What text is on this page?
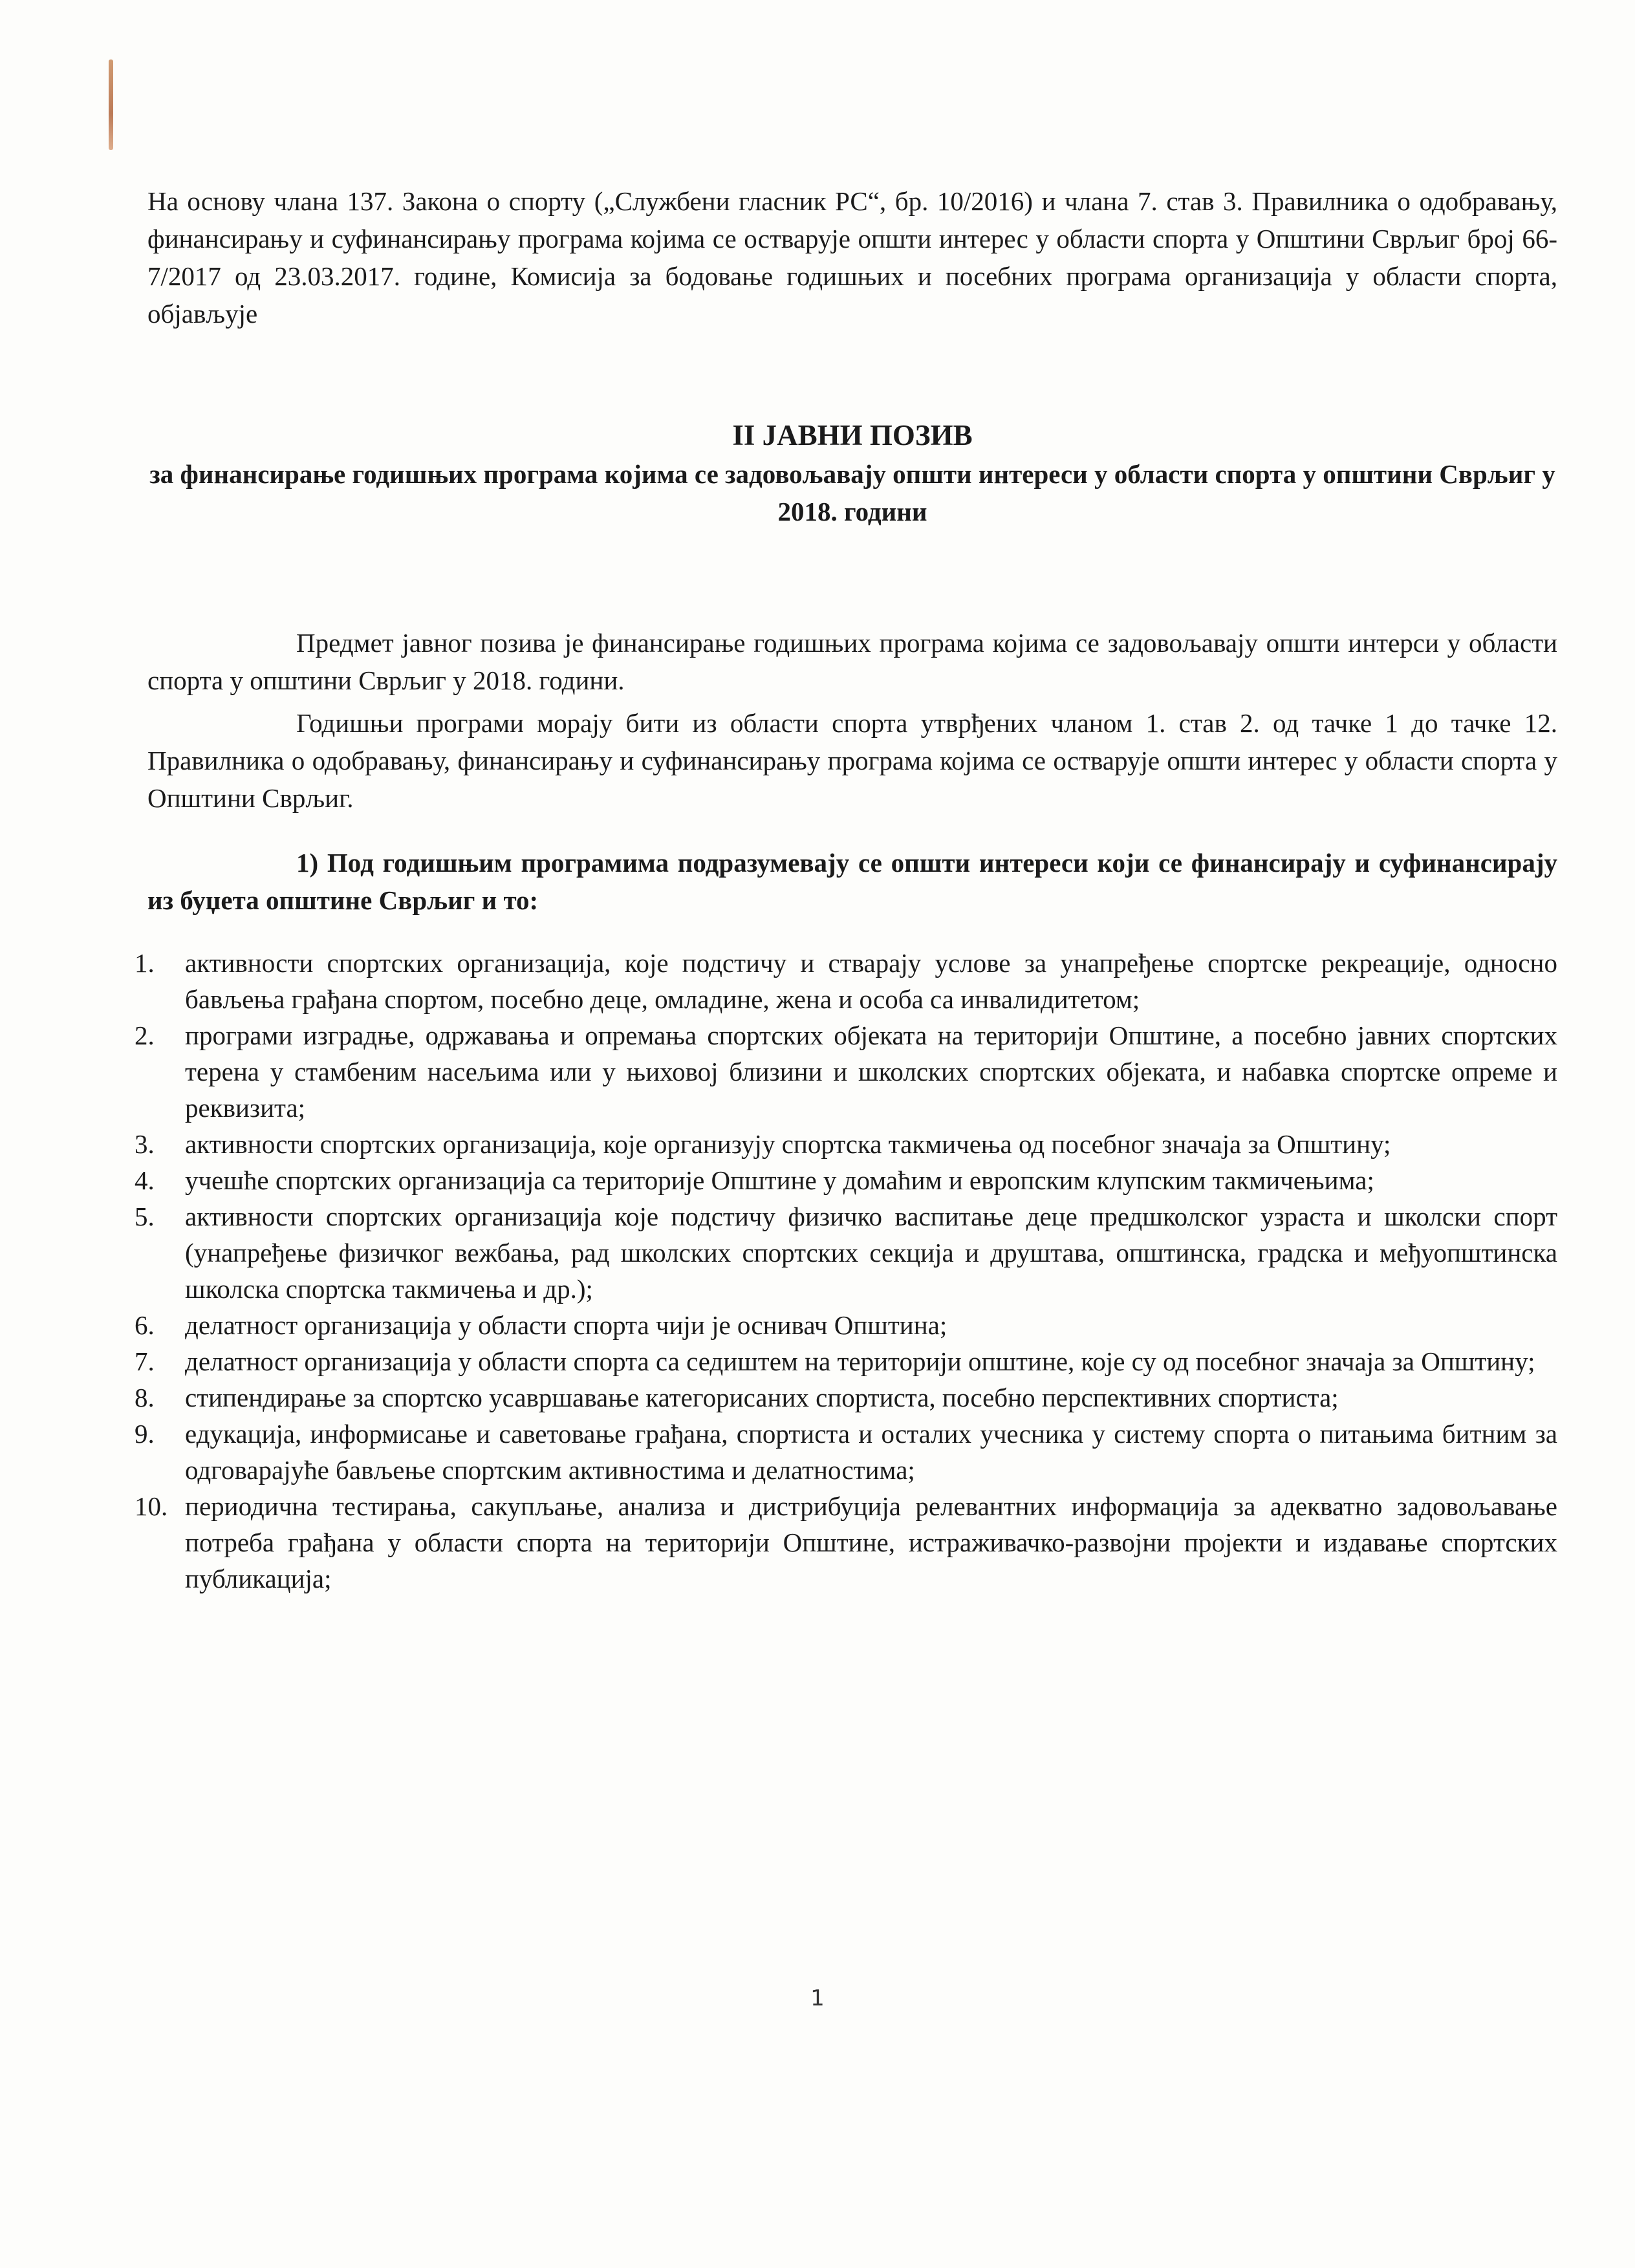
На основу члана 137. Закона о спорту („Службени гласник РС“, бр. 10/2016) и члана 7. став 3. Правилника о одобравању, финансирању и суфинансирању програма којима се остварује општи интерес у области спорта у Општини Сврљиг број 66-7/2017 од 23.03.2017. године, Комисија за бодовање годишњих и посебних програма организација у области спорта, објављује

II ЈАВНИ ПОЗИВ

за финансирање годишњих програма којима се задовољавају општи интереси у области спорта у општини Сврљиг у 2018. години

Предмет јавног позива је финансирање годишњих програма којима се задовољавају општи интерси у области спорта у општини Сврљиг у 2018. години.

Годишњи програми морају бити из области спорта утврђених чланом 1. став 2. од тачке 1 до тачке 12. Правилника о одобравању, финансирању и суфинансирању програма којима се остварује општи интерес у области спорта у Општини Сврљиг.

1) Под годишњим програмима подразумевају се општи интереси који се финансирају и суфинансирају из буџета општине Сврљиг и то:

1.	активности спортских организација, које подстичу и стварају услове за унапређење спортске рекреације, односно бављења грађана спортом, посебно деце, омладине, жена и особа са инвалидитетом;
2.	програми изградње, одржавања и опремања спортских објеката на територији Општине, а посебно јавних спортских терена у стамбеним насељима или у њиховој близини и школских спортских објеката, и набавка спортске опреме и реквизита;
3.	активности спортских организација, које организују спортска такмичења од посебног значаја за Општину;
4.	учешће спортских организација са територије Општине у домаћим и европским клупским такмичењима;
5.	активности спортских организација које подстичу физичко васпитање деце предшколског узраста и школски спорт (унапређење физичког вежбања, рад школских спортских секција и друштава, општинска, градска и међуопштинска школска спортска такмичења и др.);
6.	делатност организација у области спорта чији је оснивач Општина;
7.	делатност организација у области спорта са седиштем на територији општине, које су од посебног значаја за Општину;
8.	стипендирање за спортско усавршавање категорисаних спортиста, посебно перспективних спортиста;
9.	едукација, информисање и саветовање грађана, спортиста и осталих учесника у систему спорта о питањима битним за одговарајуће бављење спортским активностима и делатностима;
10. периодична тестирања, сакупљање, анализа и дистрибуција релевантних информација за адекватно задовољавање потреба грађана у области спорта на територији Општине, истраживачко-развојни пројекти и издавање спортских публикација;
1
